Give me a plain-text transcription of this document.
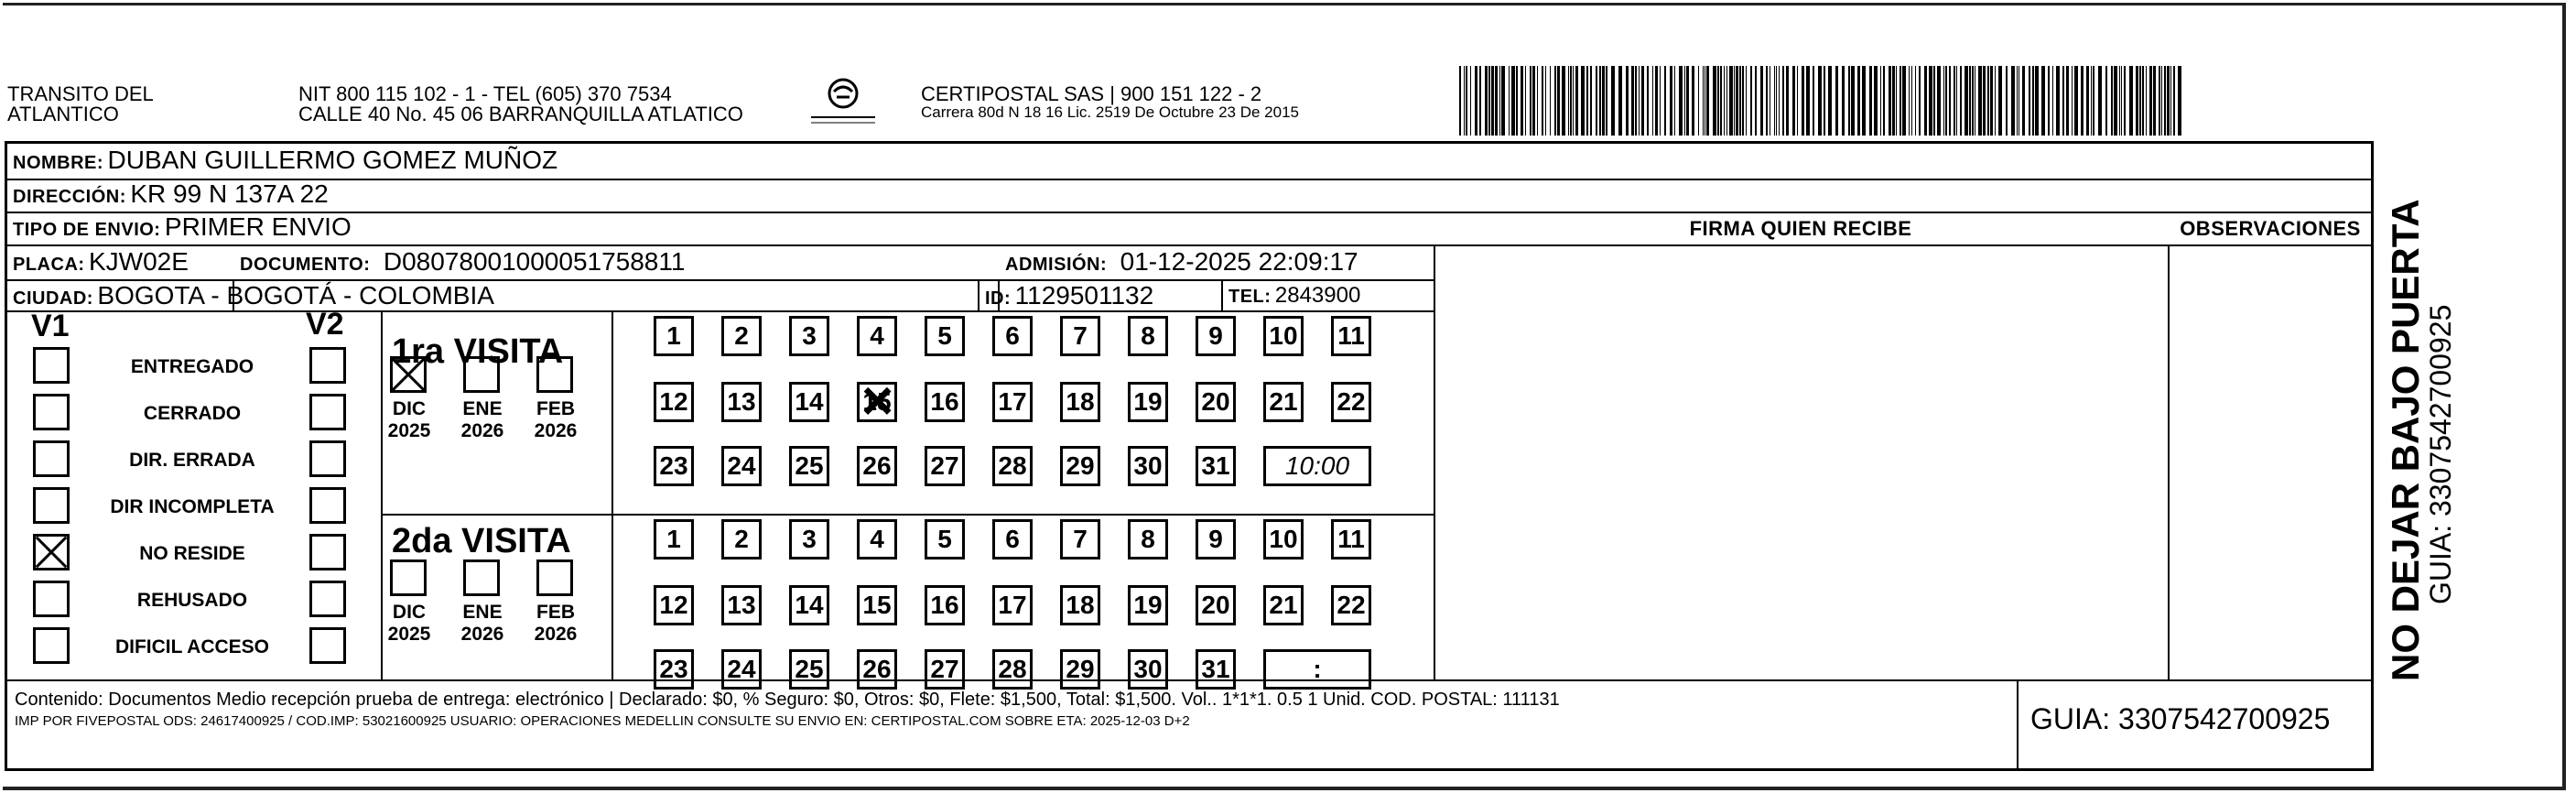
TRANSITO DEL
ATLANTICO
NIT 800 115 102 - 1 - TEL (605) 370 7534
CALLE 40 No. 45 06 BARRANQUILLA ATLATICO
CERTIPOSTAL SAS | 900 151 122 - 2
Carrera 80d N 18 16 Lic. 2519 De Octubre 23 De 2015
NOMBRE: DUBAN GUILLERMO GOMEZ MUÑOZ
DIRECCIÓN: KR 99 N 137A 22
TIPO DE ENVIO: PRIMER ENVIO
PLACA: KJW02E	DOCUMENTO: D08078001000051758811	ADMISIÓN: 01-12-2025 22:09:17
CIUDAD: BOGOTA - BOGOTÁ - COLOMBIA	ID: 1129501132	TEL: 2843900
FIRMA QUIEN RECIBE	OBSERVACIONES
V1	V2
1ra VISITA
2da VISITA
Contenido: Documentos Medio recepción prueba de entrega: electrónico | Declarado: $0, % Seguro: $0, Otros: $0, Flete: $1,500, Total: $1,500. Vol.. 1*1*1. 0.5 1 Unid. COD. POSTAL: 111131
IMP POR FIVEPOSTAL ODS: 24617400925 / COD.IMP: 53021600925 USUARIO: OPERACIONES MEDELLIN CONSULTE SU ENVIO EN: CERTIPOSTAL.COM SOBRE ETA: 2025-12-03 D+2	GUIA: 3307542700925
ENTREGADO
CERRADO
DIR. ERRADA
DIR INCOMPLETA
NO RESIDE
REHUSADO
DIFICIL ACCESO
DIC
2025
ENE
2026
FEB
2026
1	2	3	4	5	6	7	8	9	10 11
12 13 14
× 15 16 17 18 19 20 21 22
23 24 25 26 27 28 29 30 31	10:00
DIC
2025
ENE
2026
FEB
2026
1	2	3	4	5	6	7	8	9	10 11
12 13 14 15 16 17 18 19 20 21 22
23 24 25 26 27 28 29 30 31	:	NO DEJAR BAJO PUERTA
GUIA: 3307542700925
